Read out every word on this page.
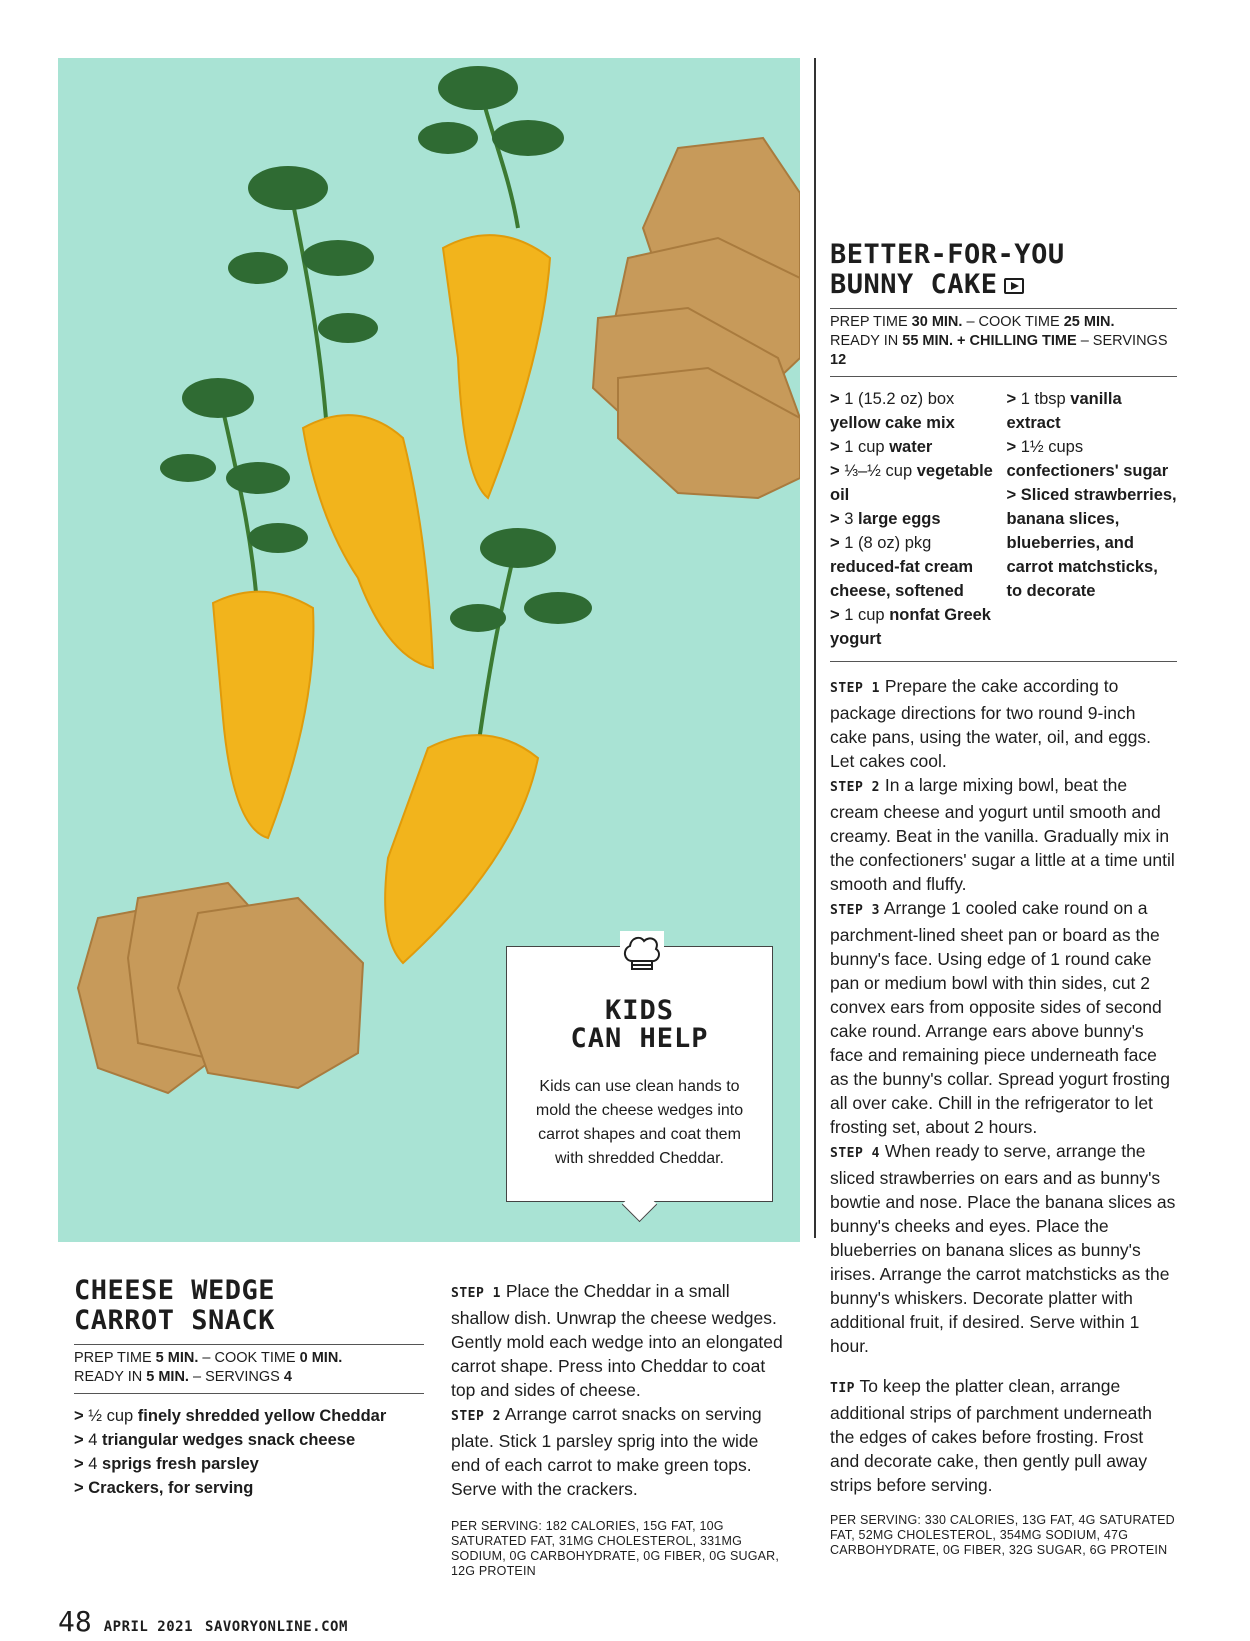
BETTER-FOR-YOU
BUNNY CAKE
PREP TIME 30 MIN. – COOK TIME 25 MIN.
READY IN 55 MIN. + CHILLING TIME – SERVINGS 12
> 1 (15.2 oz) box yellow cake mix
> 1 cup water
> ⅓–½ cup vegetable oil
> 3 large eggs
> 1 (8 oz) pkg reduced-fat cream cheese, softened
> 1 cup nonfat Greek yogurt
> 1 tbsp vanilla extract
> 1½ cups confectioners' sugar
> Sliced strawberries, banana slices, blueberries, and carrot matchsticks, to decorate

STEP 1 Prepare the cake according to package directions for two round 9-inch cake pans, using the water, oil, and eggs. Let cakes cool.

STEP 2 In a large mixing bowl, beat the cream cheese and yogurt until smooth and creamy. Beat in the vanilla. Gradually mix in the confectioners' sugar a little at a time until smooth and fluffy.

STEP 3 Arrange 1 cooled cake round on a parchment-lined sheet pan or board as the bunny's face. Using edge of 1 round cake pan or medium bowl with thin sides, cut 2 convex ears from opposite sides of second cake round. Arrange ears above bunny's face and remaining piece underneath face as the bunny's collar. Spread yogurt frosting all over cake. Chill in the refrigerator to let frosting set, about 2 hours.

STEP 4 When ready to serve, arrange the sliced strawberries on ears and as bunny's bowtie and nose. Place the banana slices as bunny's cheeks and eyes. Place the blueberries on banana slices as bunny's irises. Arrange the carrot matchsticks as the bunny's whiskers. Decorate platter with additional fruit, if desired. Serve within 1 hour.

TIP To keep the platter clean, arrange additional strips of parchment underneath the edges of cakes before frosting. Frost and decorate cake, then gently pull away strips before serving.

PER SERVING: 330 CALORIES, 13G FAT, 4G SATURATED FAT, 52MG CHOLESTEROL, 354MG SODIUM, 47G CARBOHYDRATE, 0G FIBER, 32G SUGAR, 6G PROTEIN
KIDS
CAN HELP

Kids can use clean hands to mold the cheese wedges into carrot shapes and coat them with shredded Cheddar.

CHEESE WEDGE
CARROT SNACK
PREP TIME 5 MIN. – COOK TIME 0 MIN.
READY IN 5 MIN. – SERVINGS 4
> ½ cup finely shredded yellow Cheddar
> 4 triangular wedges snack cheese
> 4 sprigs fresh parsley
> Crackers, for serving

STEP 1 Place the Cheddar in a small shallow dish. Unwrap the cheese wedges. Gently mold each wedge into an elongated carrot shape. Press into Cheddar to coat top and sides of cheese.

STEP 2 Arrange carrot snacks on serving plate. Stick 1 parsley sprig into the wide end of each carrot to make green tops. Serve with the crackers.

PER SERVING: 182 CALORIES, 15G FAT, 10G SATURATED FAT, 31MG CHOLESTEROL, 331MG SODIUM, 0G CARBOHYDRATE, 0G FIBER, 0G SUGAR, 12G PROTEIN
48 APRIL 2021 SAVORYONLINE.COM
